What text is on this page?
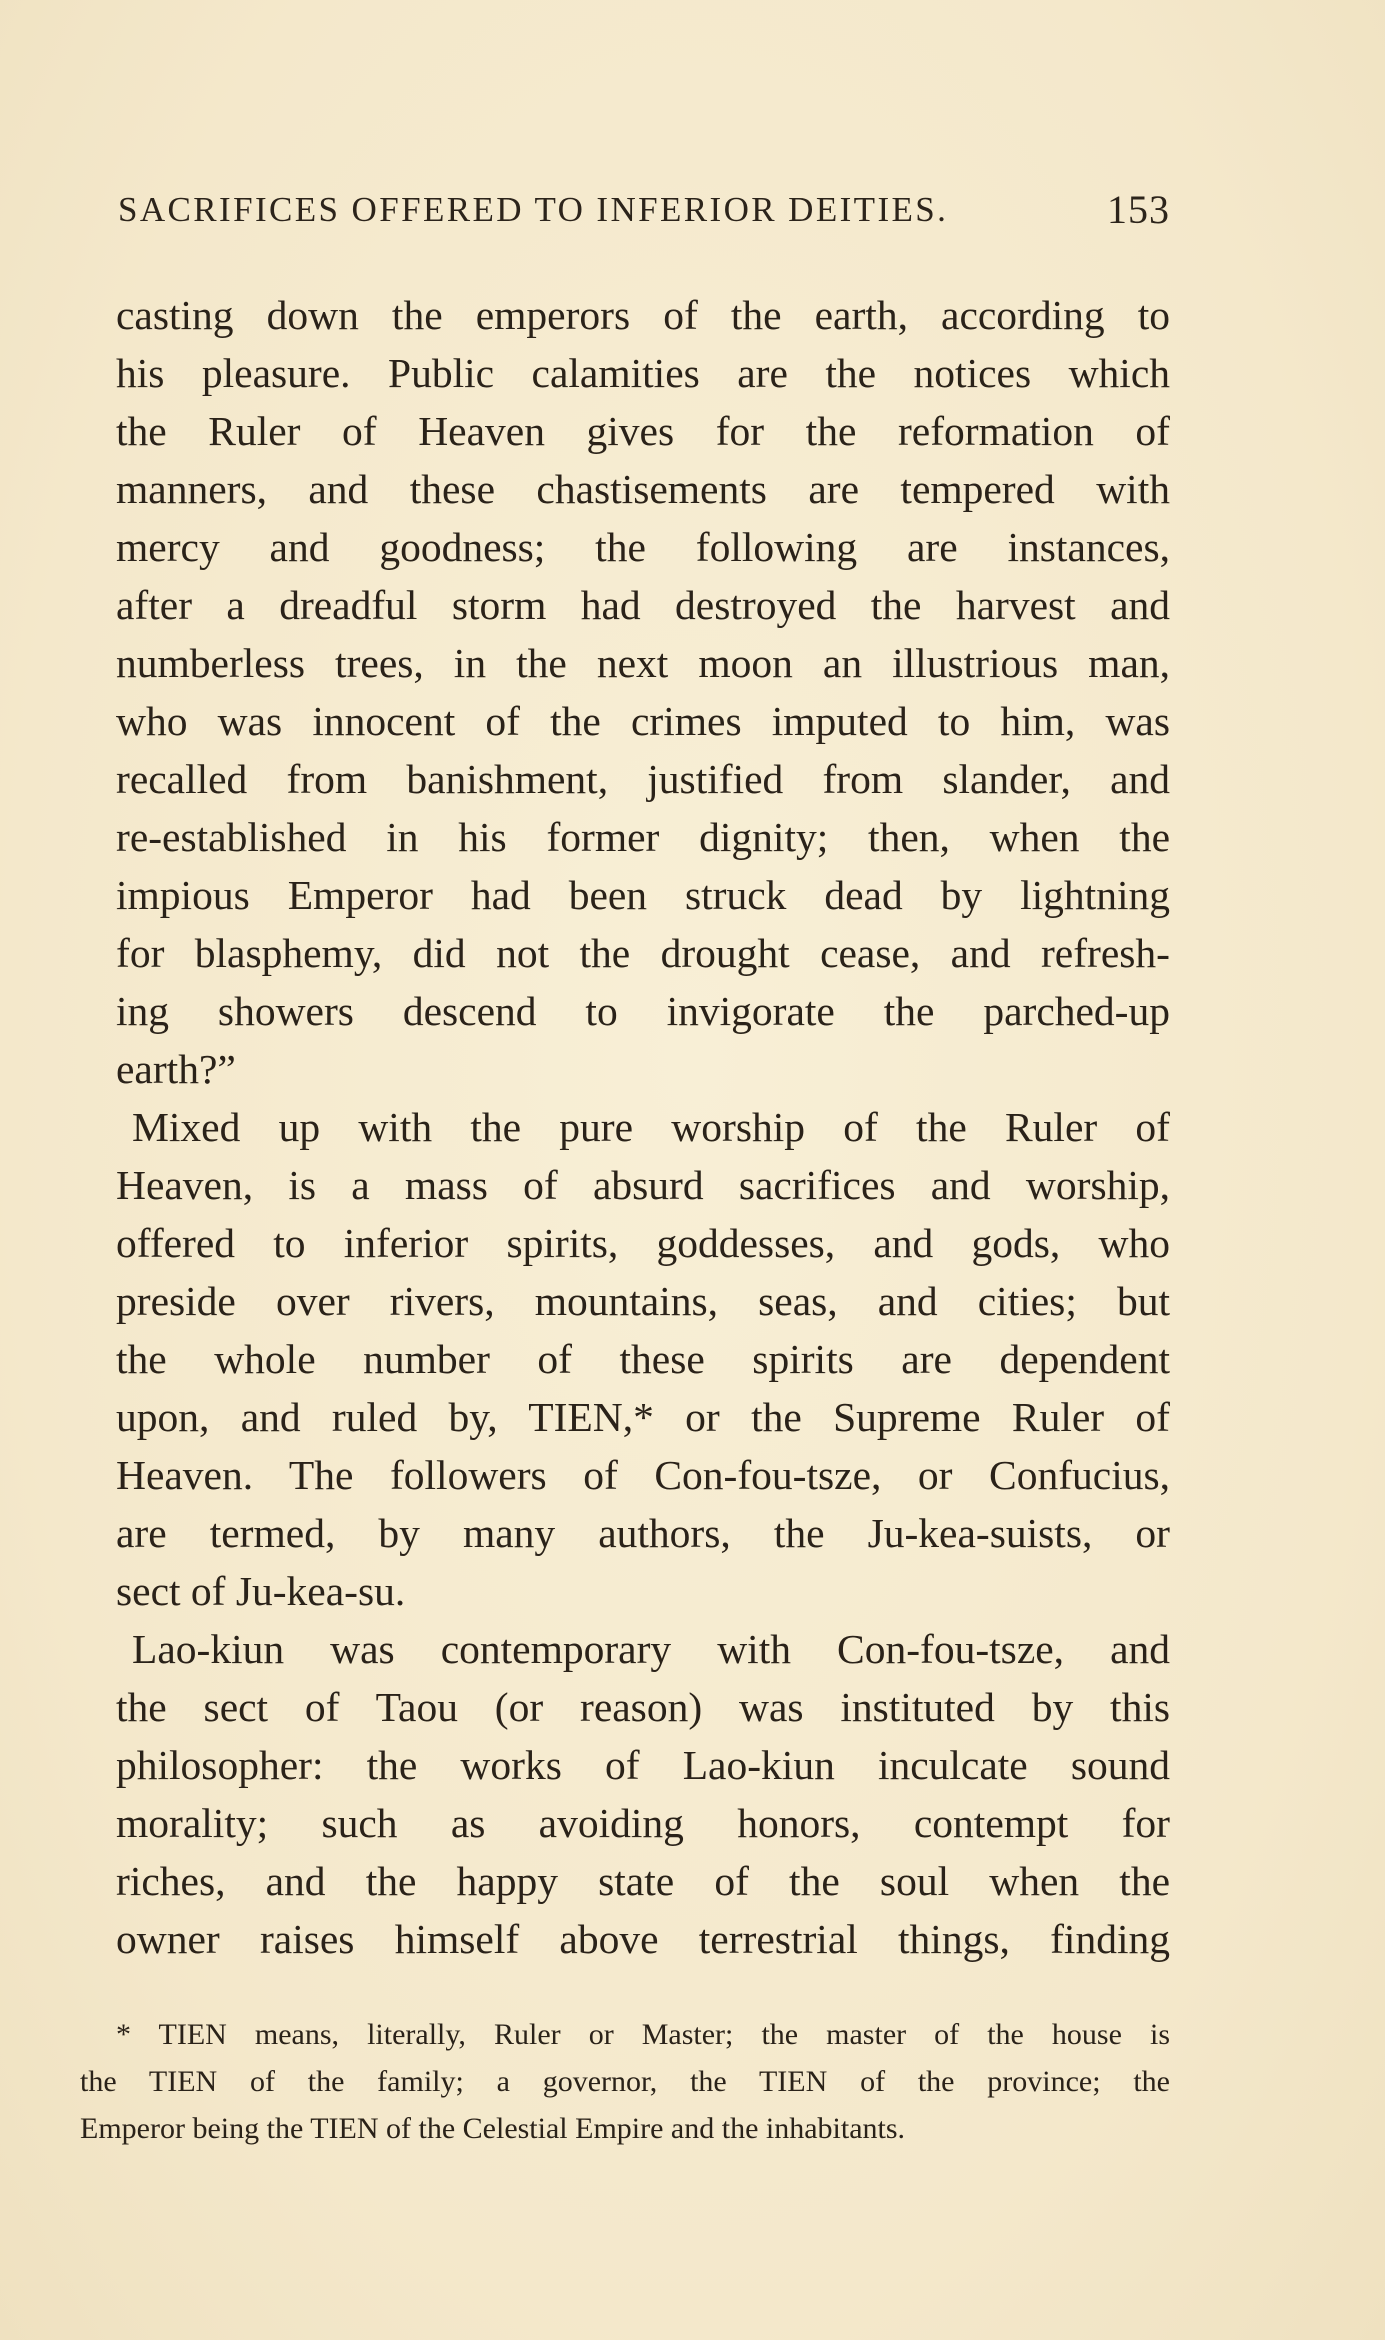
SACRIFICES OFFERED TO INFERIOR DEITIES.	153
casting down the emperors of the earth, according to
his pleasure. Public calamities are the notices which
the Ruler of Heaven gives for the reformation of
manners, and these chastisements are tempered with
mercy and goodness; the following are instances,
after a dreadful storm had destroyed the harvest and
numberless trees, in the next moon an illustrious man,
who was innocent of the crimes imputed to him, was
recalled from banishment, justified from slander, and
re-established in his former dignity; then, when the
impious Emperor had been struck dead by lightning
for blasphemy, did not the drought cease, and refresh-
ing showers descend to invigorate the parched-up
earth?”
Mixed up with the pure worship of the Ruler of
Heaven, is a mass of absurd sacrifices and worship,
offered to inferior spirits, goddesses, and gods, who
preside over rivers, mountains, seas, and cities; but
the whole number of these spirits are dependent
upon, and ruled by, TIEN,* or the Supreme Ruler of
Heaven. The followers of Con-fou-tsze, or Confucius,
are termed, by many authors, the Ju-kea-suists, or
sect of Ju-kea-su.
Lao-kiun was contemporary with Con-fou-tsze, and
the sect of Taou (or reason) was instituted by this
philosopher: the works of Lao-kiun inculcate sound
morality; such as avoiding honors, contempt for
riches, and the happy state of the soul when the
owner raises himself above terrestrial things, finding
* TIEN means, literally, Ruler or Master; the master of the house is
the TIEN of the family; a governor, the TIEN of the province; the
Emperor being the TIEN of the Celestial Empire and the inhabitants.
